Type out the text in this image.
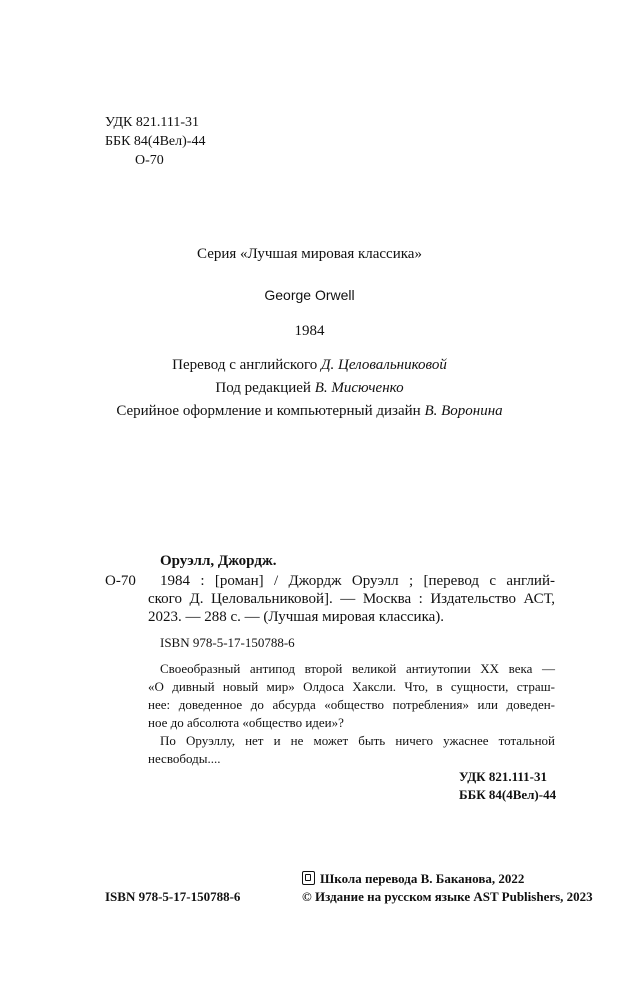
УДК 821.111-31
ББК 84(4Вел)-44
О-70
Серия «Лучшая мировая классика»
George Orwell
1984
Перевод с английского Д. Целовальниковой
Под редакцией В. Мисюченко
Серийное оформление и компьютерный дизайн В. Воронина
Оруэлл, Джордж.
О-70 1984 : [роман] / Джордж Оруэлл ; [перевод с англий-
ского Д. Целовальниковой]. — Москва : Издательство АСТ,
2023. — 288 с. — (Лучшая мировая классика).
ISBN 978-5-17-150788-6
Своеобразный антипод второй великой антиутопии XX века —
«О дивный новый мир» Олдоса Хаксли. Что, в сущности, страш-
нее: доведенное до абсурда «общество потребления» или доведен-
ное до абсолюта «общество идеи»?
По Оруэллу, нет и не может быть ничего ужаснее тотальной
несвободы....
УДК 821.111-31
ББК 84(4Вел)-44
ISBN 978-5-17-150788-6
Школа перевода В. Баканова, 2022
© Издание на русском языке AST Publishers, 2023
